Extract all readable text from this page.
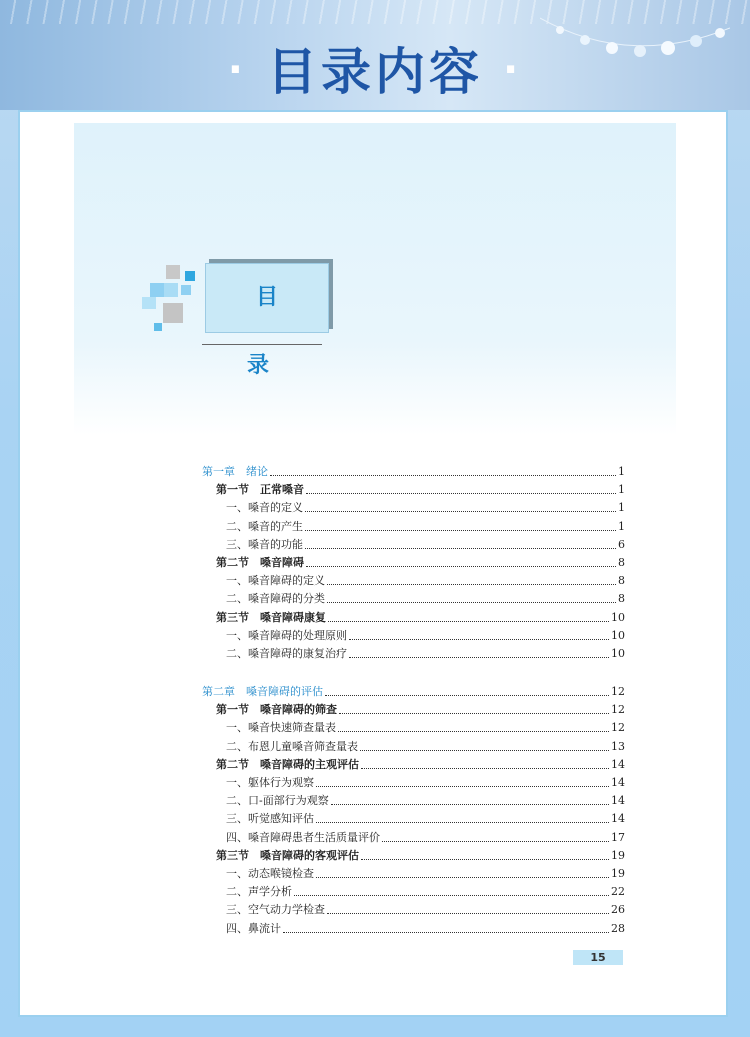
· 目录内容 ·
目 录
第一章　绪论	1
第一节　正常嗓音	1
一、嗓音的定义	1
二、嗓音的产生	1
三、嗓音的功能	6
第二节　嗓音障碍	8
一、嗓音障碍的定义	8
二、嗓音障碍的分类	8
第三节　嗓音障碍康复	10
一、嗓音障碍的处理原则	10
二、嗓音障碍的康复治疗	10
第二章　嗓音障碍的评估	12
第一节　嗓音障碍的筛查	12
一、嗓音快速筛查量表	12
二、布恩儿童嗓音筛查量表	13
第二节　嗓音障碍的主观评估	14
一、躯体行为观察	14
二、口-面部行为观察	14
三、听觉感知评估	14
四、嗓音障碍患者生活质量评价	17
第三节　嗓音障碍的客观评估	19
一、动态喉镜检查	19
二、声学分析	22
三、空气动力学检查	26
四、鼻流计	28
15
